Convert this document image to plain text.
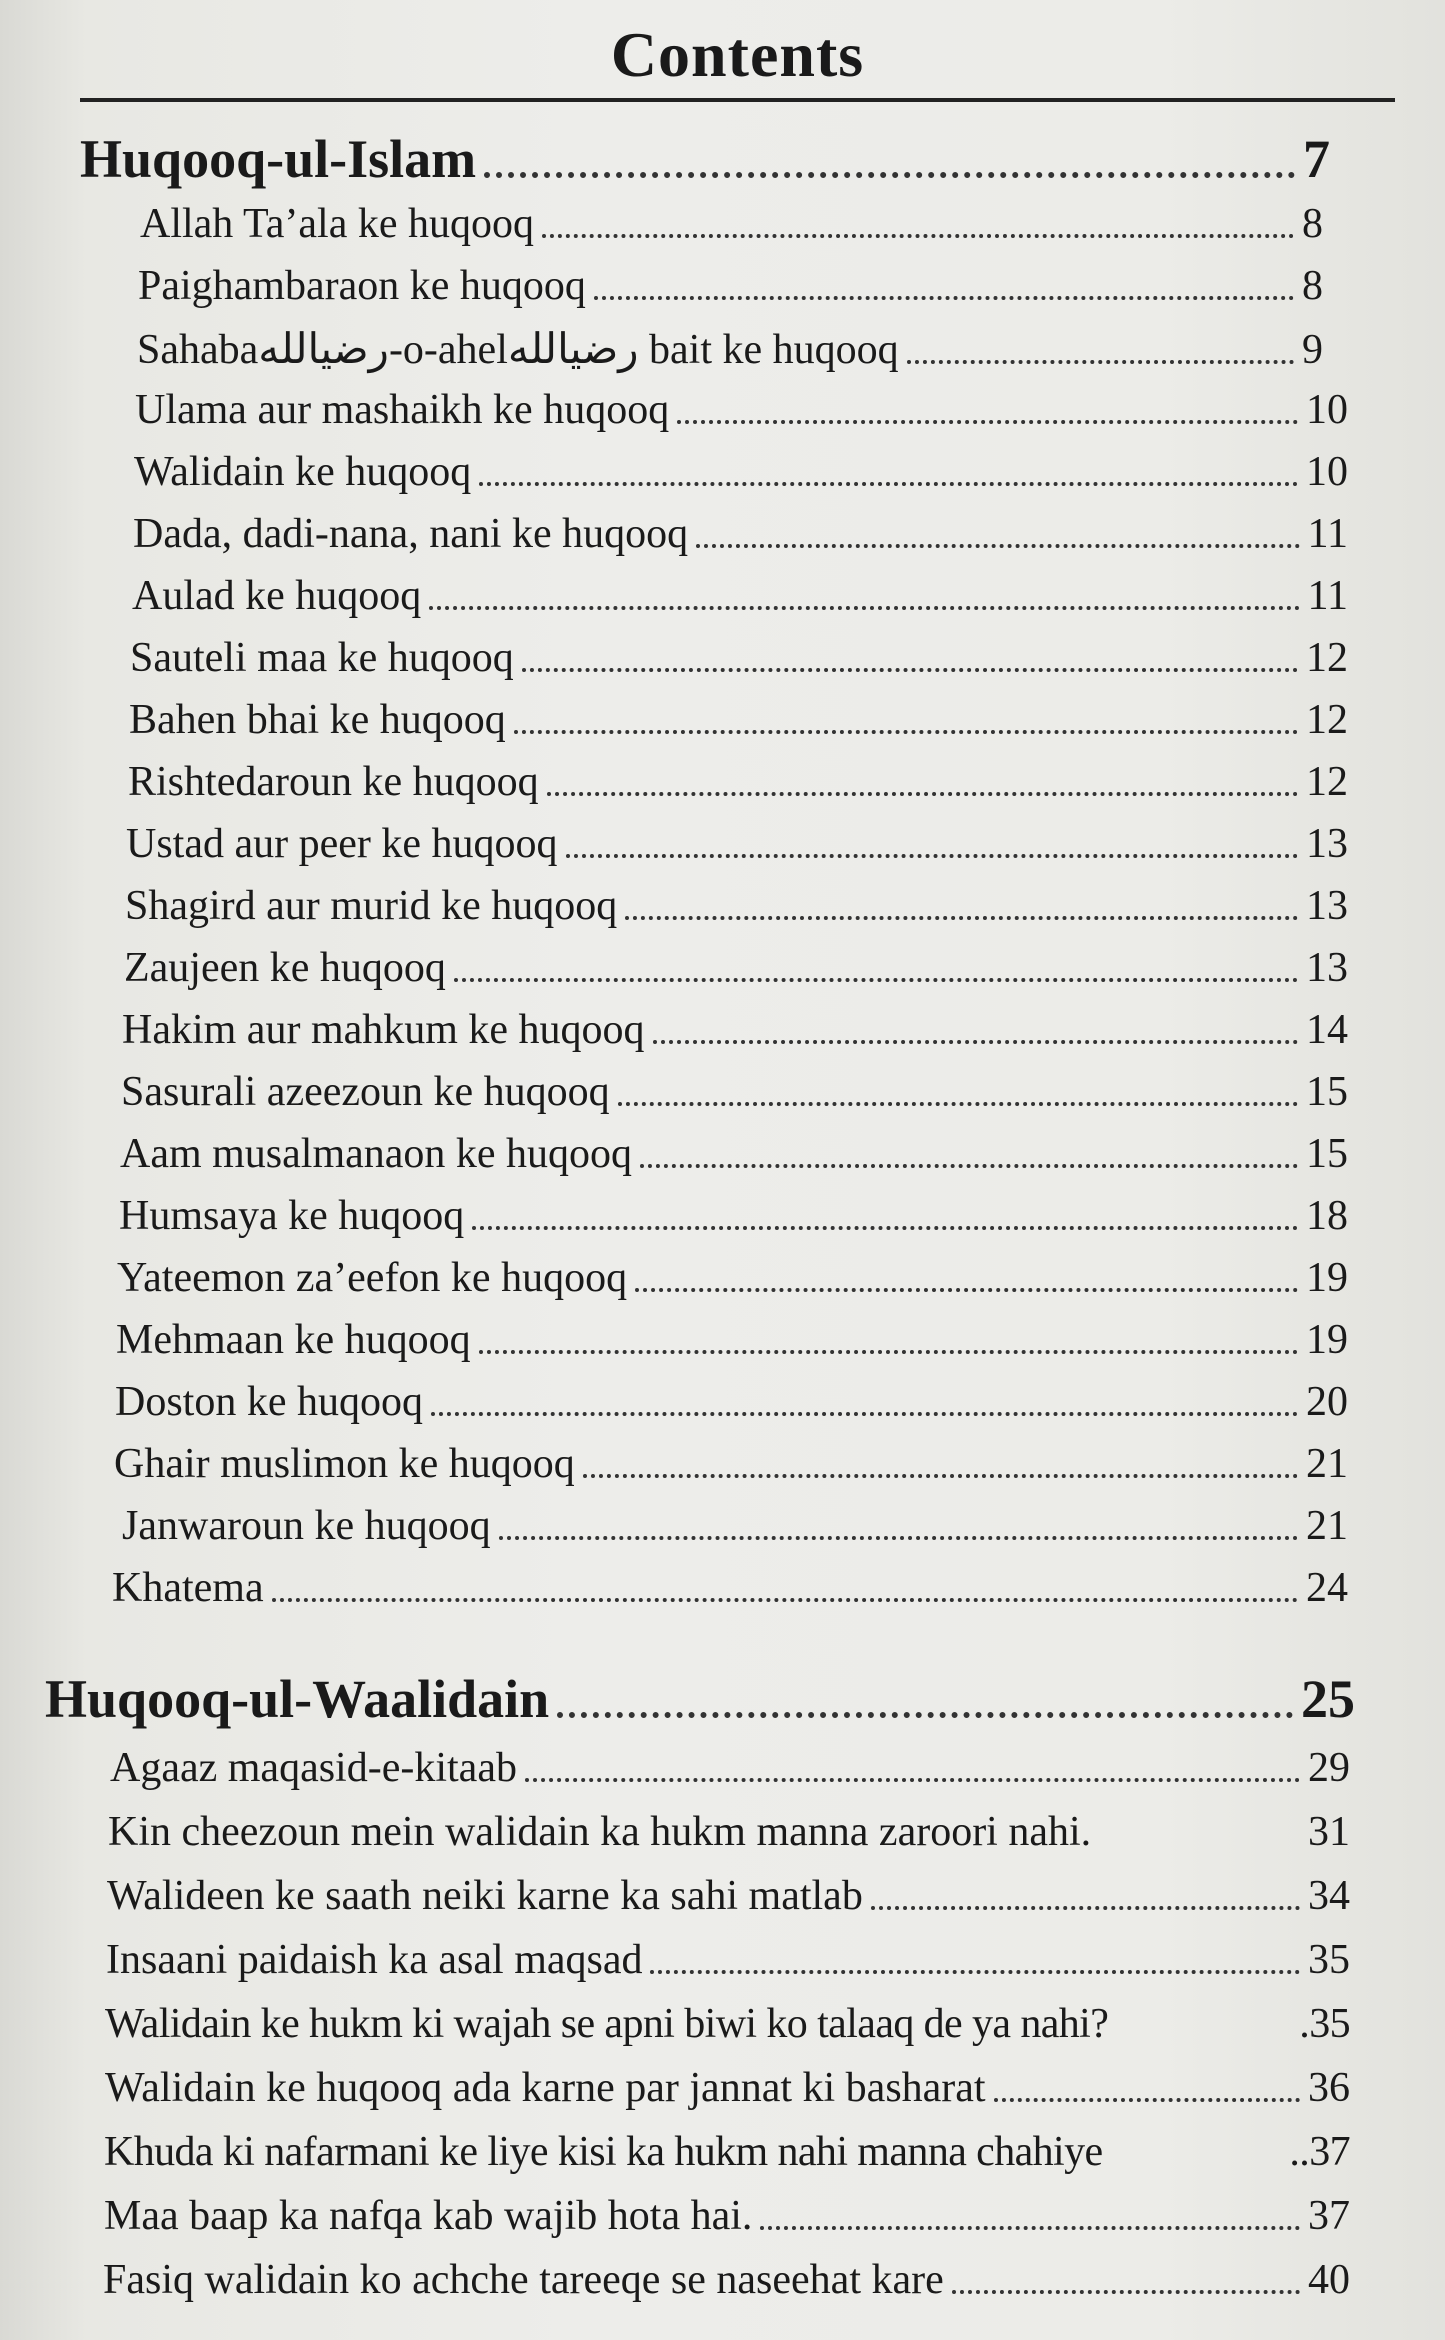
Contents
Huqooq-ul-Islam	7
Allah Ta’ala ke huqooq	8
Paighambaraon ke huqooq	8
Sahabaرضيالله-o-ahelرضيالله bait ke huqooq	9
Ulama aur mashaikh ke huqooq	10
Walidain ke huqooq	10
Dada, dadi-nana, nani ke huqooq	11
Aulad ke huqooq	11
Sauteli maa ke huqooq	12
Bahen bhai ke huqooq	12
Rishtedaroun ke huqooq	12
Ustad aur peer ke huqooq	13
Shagird aur murid ke huqooq	13
Zaujeen ke huqooq	13
Hakim aur mahkum ke huqooq	14
Sasurali azeezoun ke huqooq	15
Aam musalmanaon ke huqooq	15
Humsaya ke huqooq	18
Yateemon za’eefon ke huqooq	19
Mehmaan ke huqooq	19
Doston ke huqooq	20
Ghair muslimon ke huqooq	21
Janwaroun ke huqooq	21
Khatema	24
Huqooq-ul-Waalidain	25
Agaaz maqasid-e-kitaab	29
Kin cheezoun mein walidain ka hukm manna zaroori nahi.	31
Walideen ke saath neiki karne ka sahi matlab	34
Insaani paidaish ka asal maqsad	35
Walidain ke hukm ki wajah se apni biwi ko talaaq de ya nahi?	.35
Walidain ke huqooq ada karne par jannat ki basharat	36
Khuda ki nafarmani ke liye kisi ka hukm nahi manna chahiye	..37
Maa baap ka nafqa kab wajib hota hai.	37
Fasiq walidain ko achche tareeqe se naseehat kare	40
